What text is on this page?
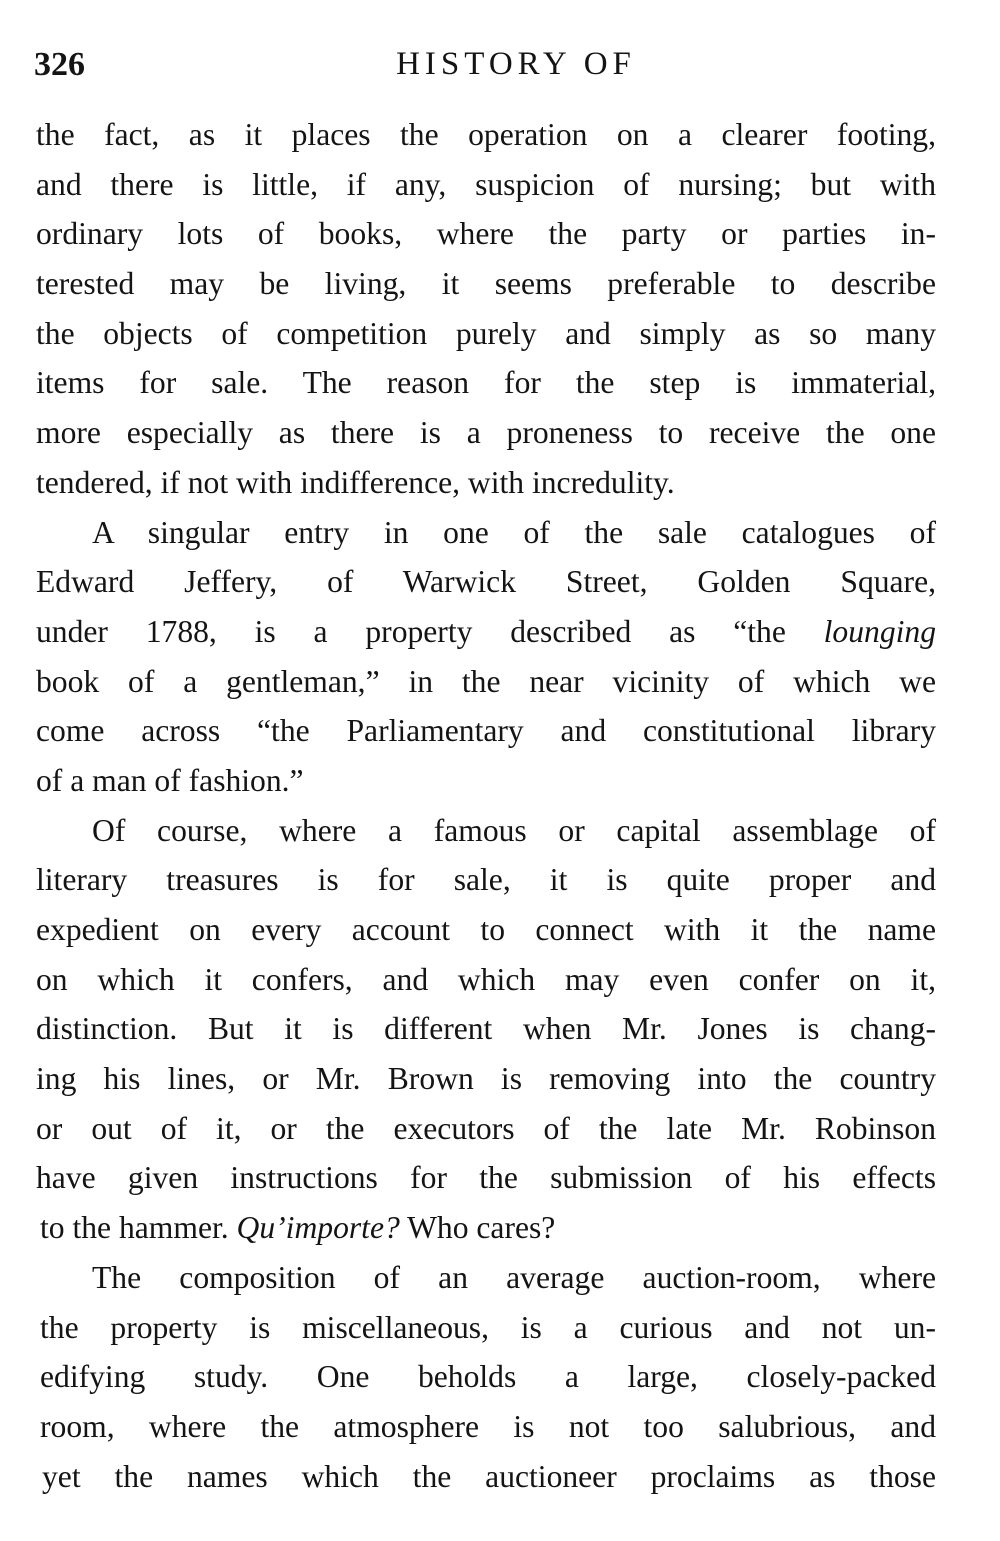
326	HISTORY OF
the fact, as it places the operation on a clearer footing,
and there is little, if any, suspicion of nursing; but with
ordinary lots of books, where the party or parties in-
terested may be living, it seems preferable to describe
the objects of competition purely and simply as so many
items for sale. The reason for the step is immaterial,
more especially as there is a proneness to receive the one
tendered, if not with indifference, with incredulity.
A singular entry in one of the sale catalogues of
Edward Jeffery, of Warwick Street, Golden Square,
under 1788, is a property described as “the lounging
book of a gentleman,” in the near vicinity of which we
come across “the Parliamentary and constitutional library
of a man of fashion.”
Of course, where a famous or capital assemblage of
literary treasures is for sale, it is quite proper and
expedient on every account to connect with it the name
on which it confers, and which may even confer on it,
distinction. But it is different when Mr. Jones is chang-
ing his lines, or Mr. Brown is removing into the country
or out of it, or the executors of the late Mr. Robinson
have given instructions for the submission of his effects
to the hammer. Qu’importe? Who cares?
The composition of an average auction-room, where
the property is miscellaneous, is a curious and not un-
edifying study. One beholds a large, closely-packed
room, where the atmosphere is not too salubrious, and
yet the names which the auctioneer proclaims as those
